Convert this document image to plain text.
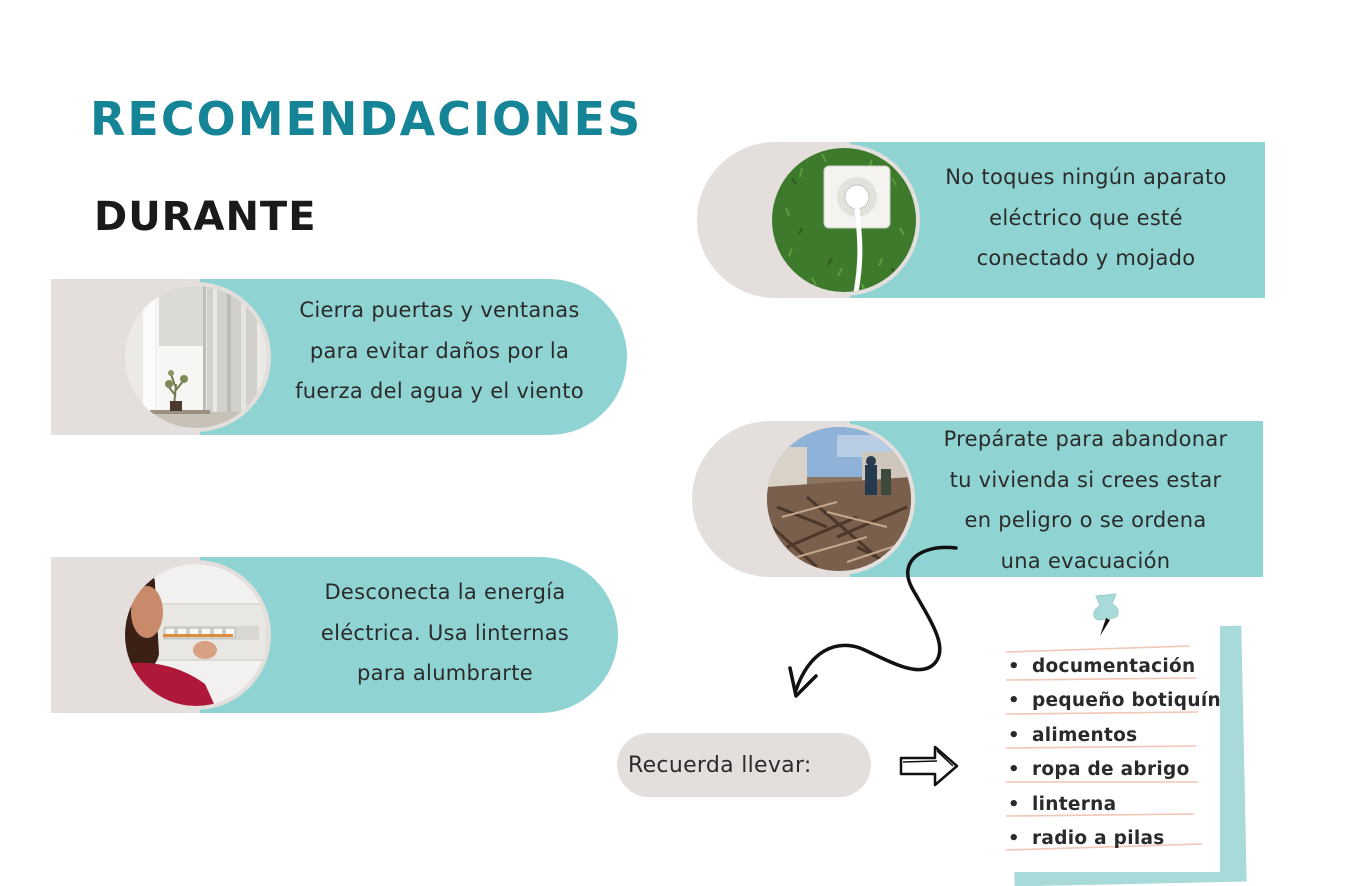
RECOMENDACIONES
DURANTE

Cierra puertas y ventanas
para evitar daños por la
fuerza del agua y el viento

Desconecta la energía
eléctrica. Usa linternas
para alumbrarte

No toques ningún aparato
eléctrico que esté
conectado y mojado

Prepárate para abandonar
tu vivienda si crees estar
en peligro o se ordena
una evacuación

Recuerda llevar:
• documentación
• pequeño botiquín
• alimentos
• ropa de abrigo
• linterna
• radio a pilas
